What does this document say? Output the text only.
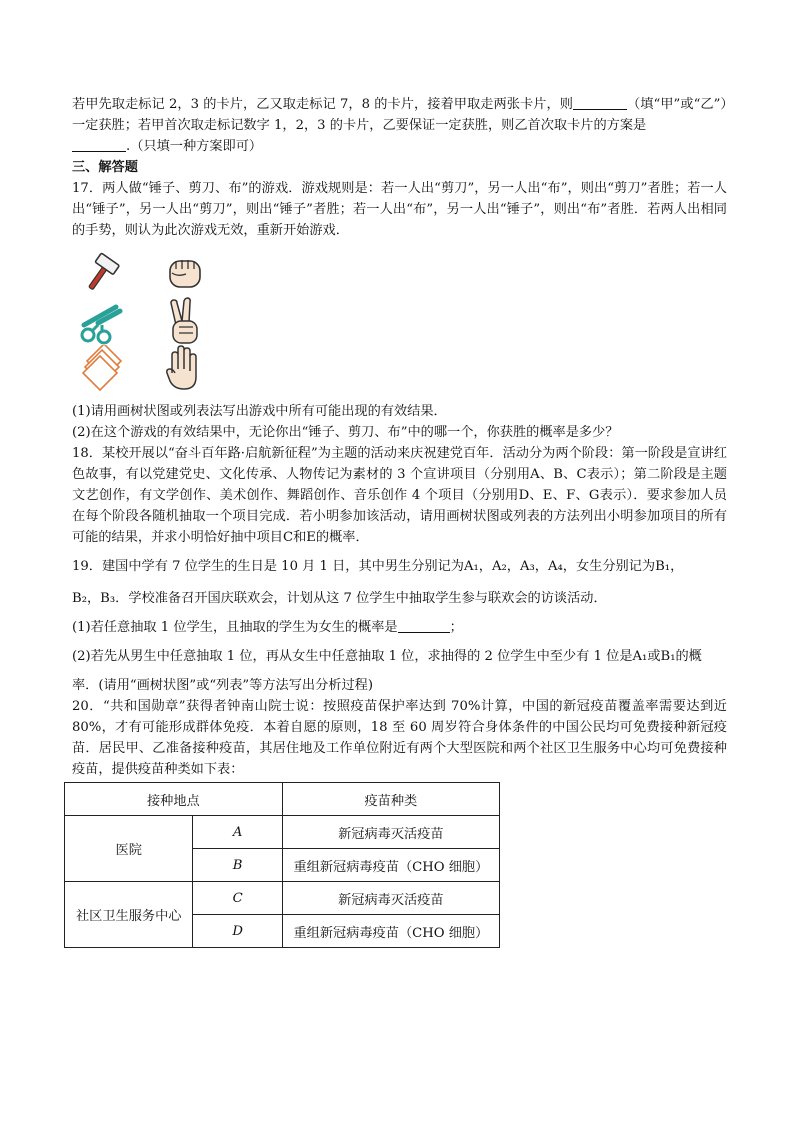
若甲先取走标记 2，3 的卡片，乙又取走标记 7，8 的卡片，接着甲取走两张卡片，则	（填“甲”或“乙”）一定获胜；若甲首次取走标记数字 1，2，3 的卡片，乙要保证一定获胜，则乙首次取卡片的方案是
.（只填一种方案即可）

三、解答题

17．两人做“锤子、剪刀、布”的游戏．游戏规则是：若一人出“剪刀”，另一人出“布”，则出“剪刀”者胜；若一人出“锤子”，另一人出“剪刀”，则出“锤子”者胜；若一人出“布”，另一人出“锤子”，则出“布”者胜．若两人出相同的手势，则认为此次游戏无效，重新开始游戏．

(1)请用画树状图或列表法写出游戏中所有可能出现的有效结果．

(2)在这个游戏的有效结果中，无论你出“锤子、剪刀、布”中的哪一个，你获胜的概率是多少？

18．某校开展以“奋斗百年路·启航新征程”为主题的活动来庆祝建党百年．活动分为两个阶段：第一阶段是宣讲红色故事，有以党建党史、文化传承、人物传记为素材的 3 个宣讲项目（分别用A、B、C表示）；第二阶段是主题文艺创作，有文学创作、美术创作、舞蹈创作、音乐创作 4 个项目（分别用D、E、F、G表示）．要求参加人员在每个阶段各随机抽取一个项目完成．若小明参加该活动，请用画树状图或列表的方法列出小明参加项目的所有可能的结果，并求小明恰好抽中项目C和E的概率．

19．建国中学有 7 位学生的生日是 10 月 1 日，其中男生分别记为A₁，A₂，A₃，A₄，女生分别记为B₁，

B₂，B₃．学校准备召开国庆联欢会，计划从这 7 位学生中抽取学生参与联欢会的访谈活动．

(1)若任意抽取 1 位学生，且抽取的学生为女生的概率是	；

(2)若先从男生中任意抽取 1 位，再从女生中任意抽取 1 位，求抽得的 2 位学生中至少有 1 位是A₁或B₁的概

率．(请用“画树状图”或“列表”等方法写出分析过程)

20．“共和国勋章”获得者钟南山院士说：按照疫苗保护率达到 70%计算，中国的新冠疫苗覆盖率需要达到近 80%，才有可能形成群体免疫．本着自愿的原则，18 至 60 周岁符合身体条件的中国公民均可免费接种新冠疫苗．居民甲、乙准备接种疫苗，其居住地及工作单位附近有两个大型医院和两个社区卫生服务中心均可免费接种疫苗，提供疫苗种类如下表：

接种地点		疫苗种类
医院	A	新冠病毒灭活疫苗
	B	重组新冠病毒疫苗（CHO 细胞）
社区卫生服务中心	C	新冠病毒灭活疫苗
	D	重组新冠病毒疫苗（CHO 细胞）
